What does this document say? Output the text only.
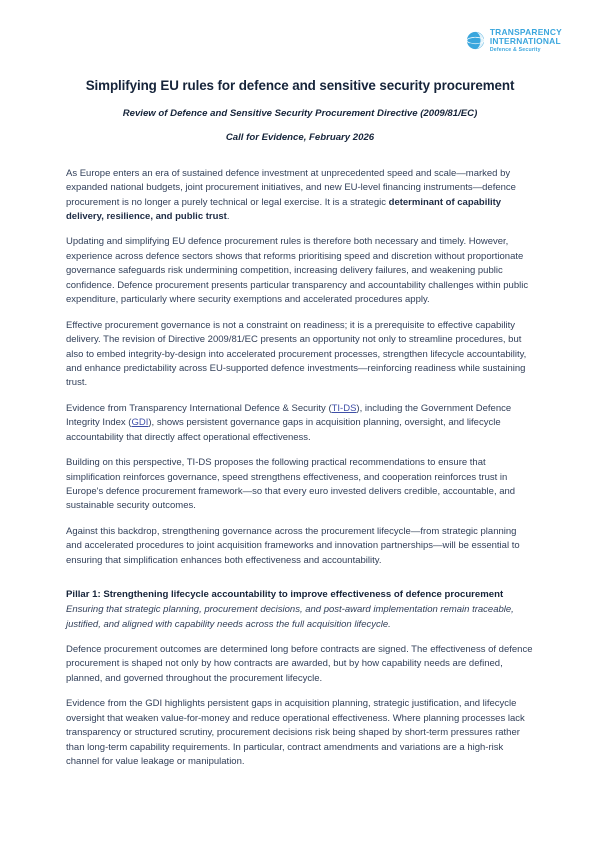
TRANSPARENCY
INTERNATIONAL
Defence & Security
Simplifying EU rules for defence and sensitive security procurement
Review of Defence and Sensitive Security Procurement Directive (2009/81/EC)
Call for Evidence, February 2026

As Europe enters an era of sustained defence investment at unprecedented speed and scale—marked by expanded national budgets, joint procurement initiatives, and new EU-level financing instruments—defence procurement is no longer a purely technical or legal exercise. It is a strategic determinant of capability delivery, resilience, and public trust.

Updating and simplifying EU defence procurement rules is therefore both necessary and timely. However, experience across defence sectors shows that reforms prioritising speed and discretion without proportionate governance safeguards risk undermining competition, increasing delivery failures, and weakening public confidence. Defence procurement presents particular transparency and accountability challenges within public expenditure, particularly where security exemptions and accelerated procedures apply.

Effective procurement governance is not a constraint on readiness; it is a prerequisite to effective capability delivery. The revision of Directive 2009/81/EC presents an opportunity not only to streamline procedures, but also to embed integrity-by-design into accelerated procurement processes, strengthen lifecycle accountability, and enhance predictability across EU-supported defence investments—reinforcing readiness while sustaining trust.

Evidence from Transparency International Defence & Security (TI-DS), including the Government Defence Integrity Index (GDI), shows persistent governance gaps in acquisition planning, oversight, and lifecycle accountability that directly affect operational effectiveness.

Building on this perspective, TI-DS proposes the following practical recommendations to ensure that simplification reinforces governance, speed strengthens effectiveness, and cooperation reinforces trust in Europe's defence procurement framework—so that every euro invested delivers credible, accountable, and sustainable security outcomes.

Against this backdrop, strengthening governance across the procurement lifecycle—from strategic planning and accelerated procedures to joint acquisition frameworks and innovation partnerships—will be essential to ensuring that simplification enhances both effectiveness and accountability.

Pillar 1: Strengthening lifecycle accountability to improve effectiveness of defence procurement

Ensuring that strategic planning, procurement decisions, and post-award implementation remain traceable, justified, and aligned with capability needs across the full acquisition lifecycle.

Defence procurement outcomes are determined long before contracts are signed. The effectiveness of defence procurement is shaped not only by how contracts are awarded, but by how capability needs are defined, planned, and governed throughout the procurement lifecycle.

Evidence from the GDI highlights persistent gaps in acquisition planning, strategic justification, and lifecycle oversight that weaken value-for-money and reduce operational effectiveness. Where planning processes lack transparency or structured scrutiny, procurement decisions risk being shaped by short-term pressures rather than long-term capability requirements. In particular, contract amendments and variations are a high-risk channel for value leakage or manipulation.
